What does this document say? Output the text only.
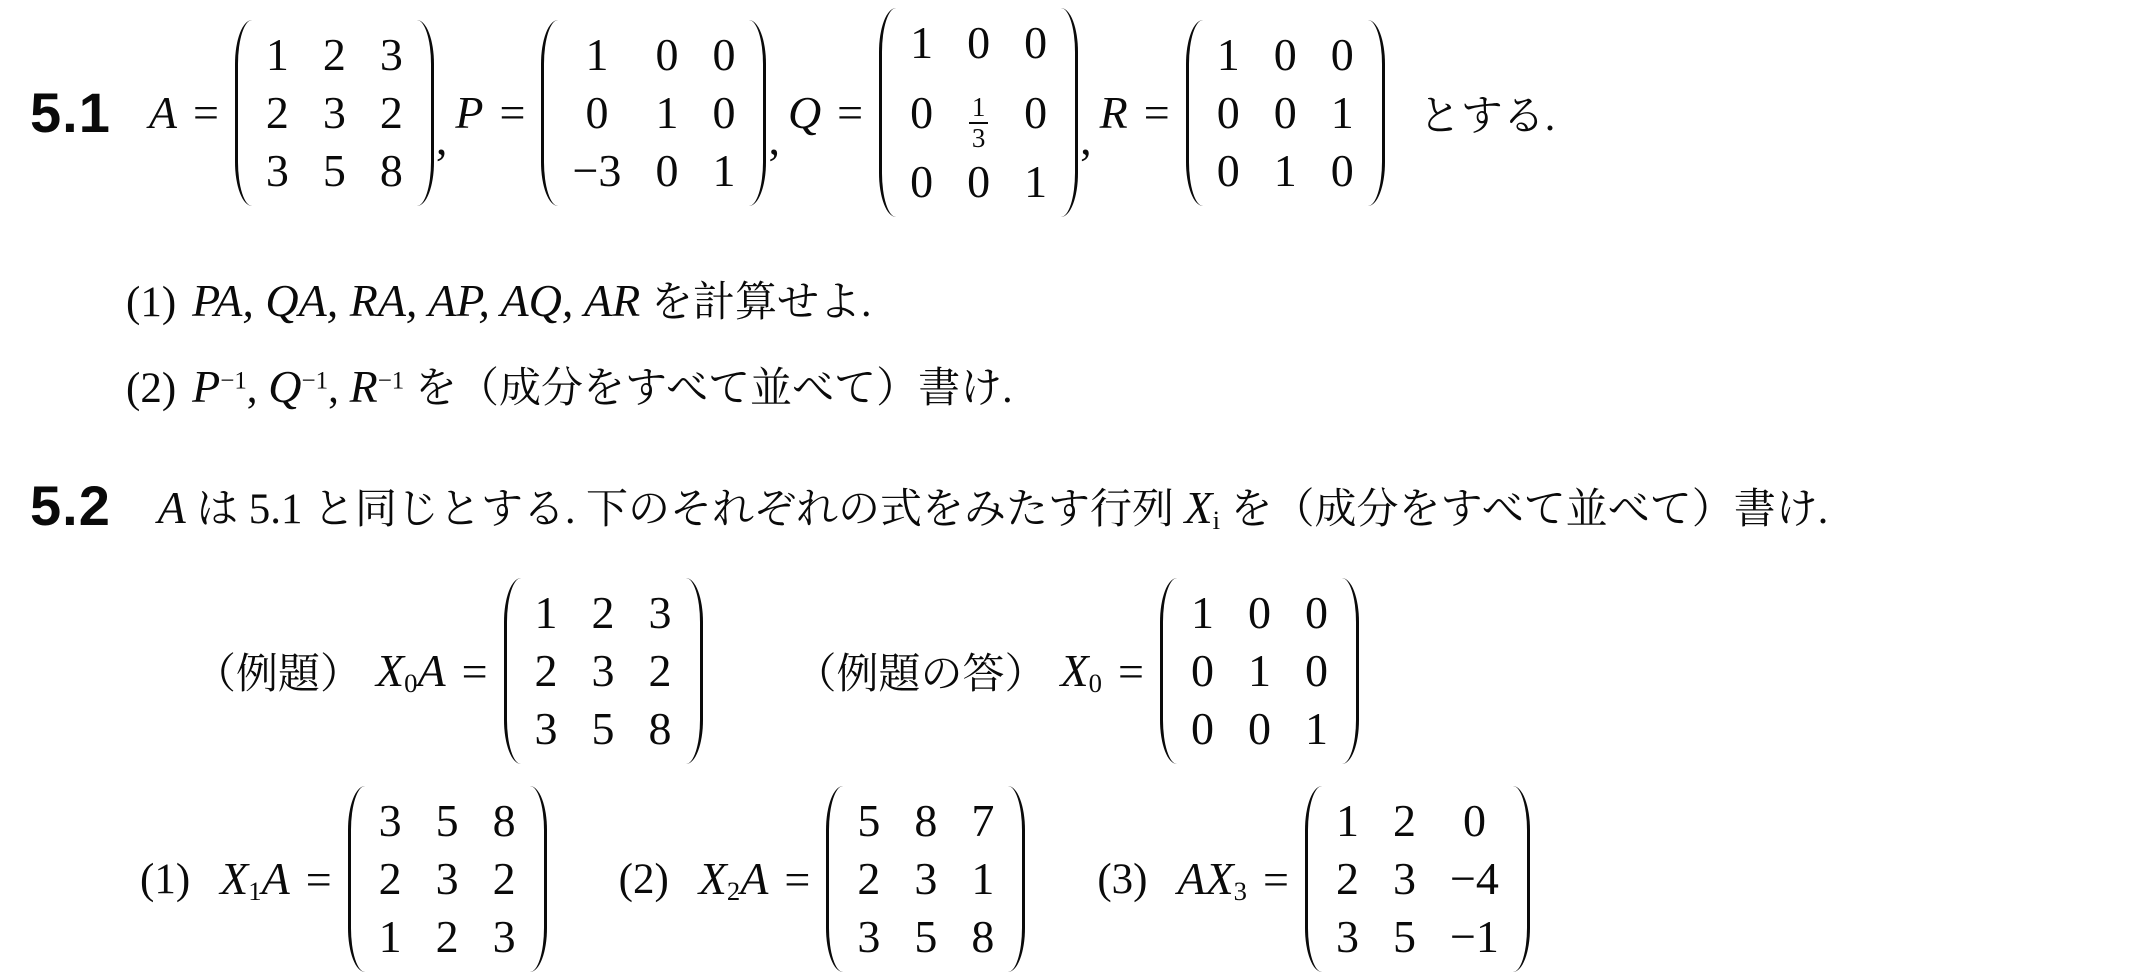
5.1 A =
1 2 3
2 3 2
3 5 8
,
P =
1 0 0
0 1 0
−3 0 1
,
Q =
1 0 0
$0 \frac{1}{3} 0$
0 0 1
,
R =
1 0 0
0 0 1
0 1 0
とする.
(1) PA, QA, RA, AP, AQ, AR を計算せよ.
(2) $P^{-1}$, $Q^{-1}$, $R^{-1}$ を（成分をすべて並べて）書け.
5.2 A は 5.1 と同じとする. 下のそれぞれの式をみたす行列 $X_i$ を（成分をすべて並べて）書け.
（例題） $X_0A$ =
1 2 3
2 3 2
3 5 8
（例題の答） $X_0$ =
1 0 0
0 1 0
0 0 1
(1) $X_1A$ =
3 5 8
2 3 2
1 2 3
(2) $X_2A$ =
5 8 7
2 3 1
3 5 8
(3) $AX_3$ =
1 2 0
2 3 −4
3 5 −1
